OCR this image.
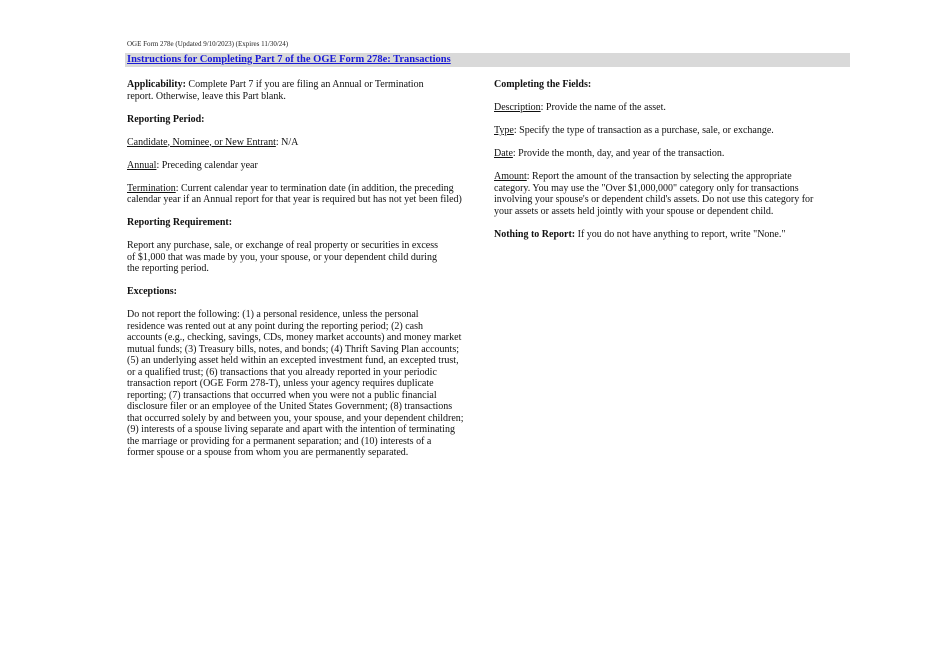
OGE Form 278e (Updated 9/10/2023) (Expires 11/30/24)
Instructions for Completing Part 7 of the OGE Form 278e: Transactions
Applicability: Complete Part 7 if you are filing an Annual or Termination
report. Otherwise, leave this Part blank.
Reporting Period:
Candidate, Nominee, or New Entrant: N/A
Annual: Preceding calendar year
Termination: Current calendar year to termination date (in addition, the preceding
calendar year if an Annual report for that year is required but has not yet been filed)
Reporting Requirement:
Report any purchase, sale, or exchange of real property or securities in excess
of $1,000 that was made by you, your spouse, or your dependent child during
the reporting period.
Exceptions:
Do not report the following: (1) a personal residence, unless the personal
residence was rented out at any point during the reporting period; (2) cash
accounts (e.g., checking, savings, CDs, money market accounts) and money market
mutual funds; (3) Treasury bills, notes, and bonds; (4) Thrift Saving Plan accounts;
(5) an underlying asset held within an excepted investment fund, an excepted trust,
or a qualified trust; (6) transactions that you already reported in your periodic
transaction report (OGE Form 278-T), unless your agency requires duplicate
reporting; (7) transactions that occurred when you were not a public financial
disclosure filer or an employee of the United States Government; (8) transactions
that occurred solely by and between you, your spouse, and your dependent children;
(9) interests of a spouse living separate and apart with the intention of terminating
the marriage or providing for a permanent separation; and (10) interests of a
former spouse or a spouse from whom you are permanently separated.
Completing the Fields:
Description: Provide the name of the asset.
Type: Specify the type of transaction as a purchase, sale, or exchange.
Date: Provide the month, day, and year of the transaction.
Amount: Report the amount of the transaction by selecting the appropriate
category. You may use the "Over $1,000,000" category only for transactions
involving your spouse's or dependent child's assets. Do not use this category for
your assets or assets held jointly with your spouse or dependent child.
Nothing to Report: If you do not have anything to report, write "None."
